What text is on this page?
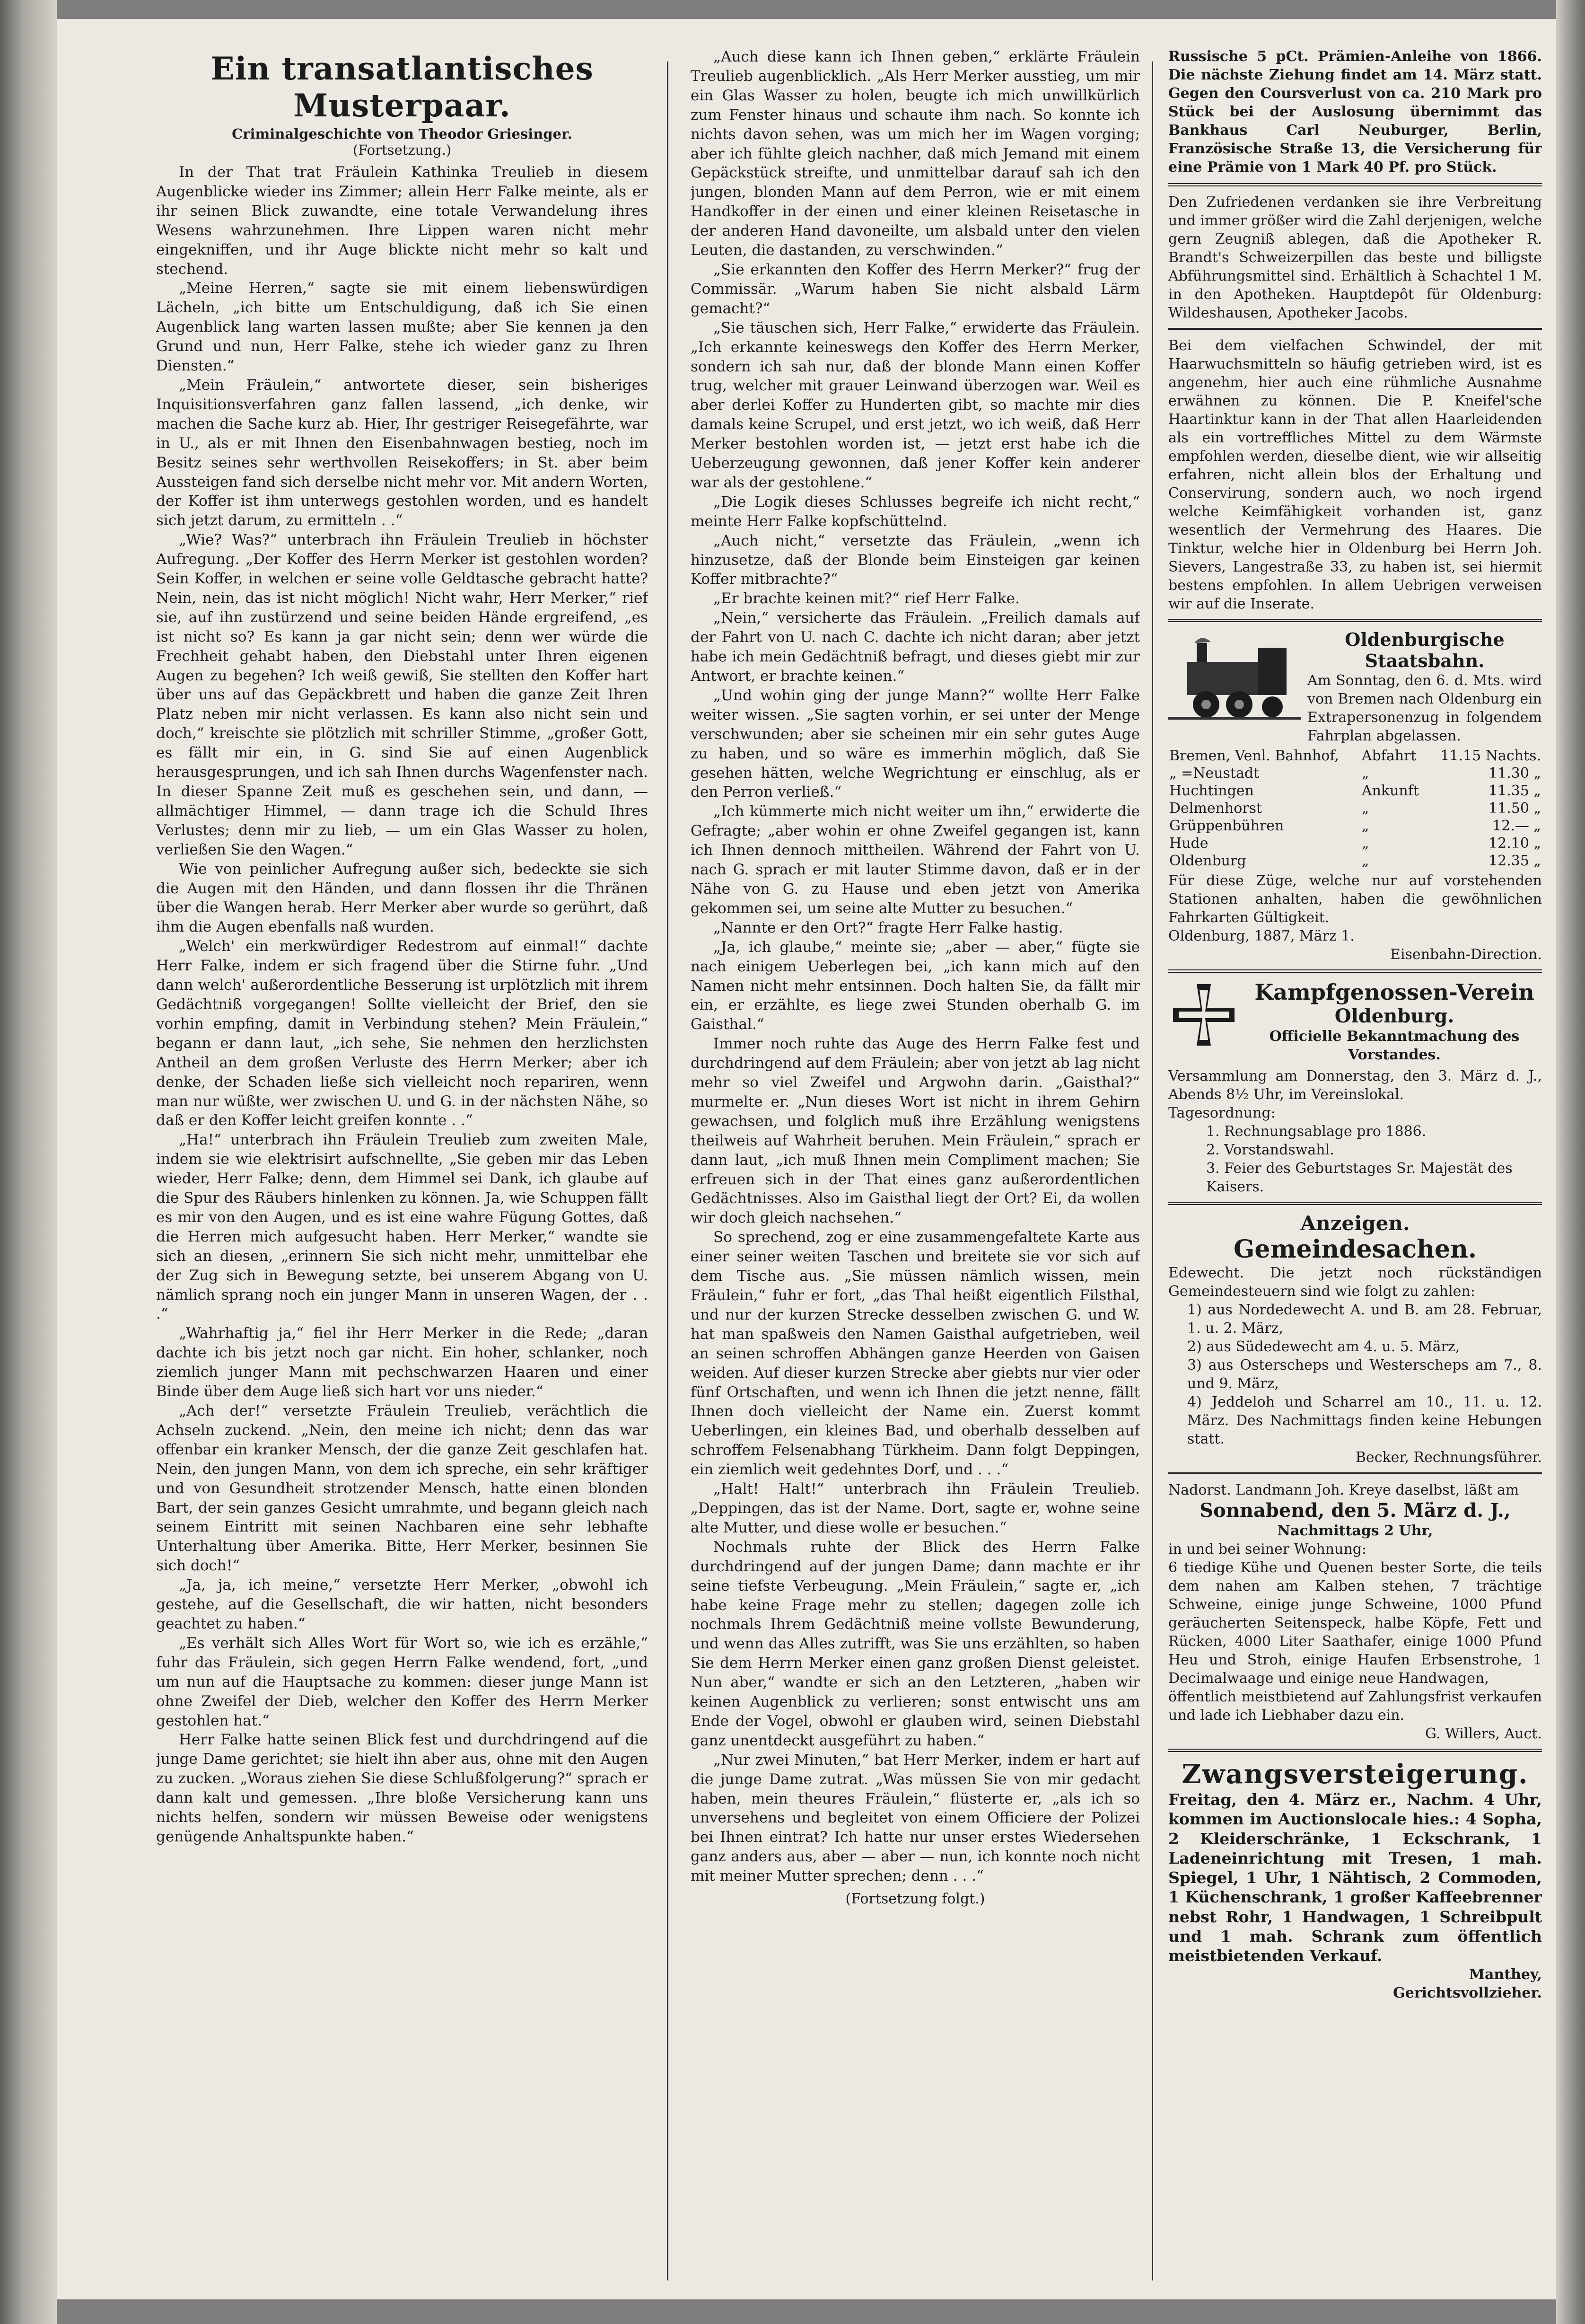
Ein transatlantisches Musterpaar.
Criminalgeschichte von Theodor Griesinger.
(Fortsetzung.)

In der That trat Fräulein Kathinka Treulieb in diesem Augenblicke wieder ins Zimmer; allein Herr Falke meinte, als er ihr seinen Blick zuwandte, eine totale Verwandelung ihres Wesens wahrzunehmen. Ihre Lippen waren nicht mehr eingekniffen, und ihr Auge blickte nicht mehr so kalt und stechend.

„Meine Herren,“ sagte sie mit einem liebenswürdigen Lächeln, „ich bitte um Entschuldigung, daß ich Sie einen Augenblick lang warten lassen mußte; aber Sie kennen ja den Grund und nun, Herr Falke, stehe ich wieder ganz zu Ihren Diensten.“

„Mein Fräulein,“ antwortete dieser, sein bisheriges Inquisitionsverfahren ganz fallen lassend, „ich denke, wir machen die Sache kurz ab. Hier, Ihr gestriger Reisegefährte, war in U., als er mit Ihnen den Eisenbahnwagen bestieg, noch im Besitz seines sehr werthvollen Reisekoffers; in St. aber beim Aussteigen fand sich derselbe nicht mehr vor. Mit andern Worten, der Koffer ist ihm unterwegs gestohlen worden, und es handelt sich jetzt darum, zu ermitteln . .“

„Wie? Was?“ unterbrach ihn Fräulein Treulieb in höchster Aufregung. „Der Koffer des Herrn Merker ist gestohlen worden? Sein Koffer, in welchen er seine volle Geldtasche gebracht hatte? Nein, nein, das ist nicht möglich! Nicht wahr, Herr Merker,“ rief sie, auf ihn zustürzend und seine beiden Hände ergreifend, „es ist nicht so? Es kann ja gar nicht sein; denn wer würde die Frechheit gehabt haben, den Diebstahl unter Ihren eigenen Augen zu begehen? Ich weiß gewiß, Sie stellten den Koffer hart über uns auf das Gepäckbrett und haben die ganze Zeit Ihren Platz neben mir nicht verlassen. Es kann also nicht sein und doch,“ kreischte sie plötzlich mit schriller Stimme, „großer Gott, es fällt mir ein, in G. sind Sie auf einen Augenblick herausgesprungen, und ich sah Ihnen durchs Wagenfenster nach. In dieser Spanne Zeit muß es geschehen sein, und dann, — allmächtiger Himmel, — dann trage ich die Schuld Ihres Verlustes; denn mir zu lieb, — um ein Glas Wasser zu holen, verließen Sie den Wagen.“

Wie von peinlicher Aufregung außer sich, bedeckte sie sich die Augen mit den Händen, und dann flossen ihr die Thränen über die Wangen herab. Herr Merker aber wurde so gerührt, daß ihm die Augen ebenfalls naß wurden.

„Welch' ein merkwürdiger Redestrom auf einmal!“ dachte Herr Falke, indem er sich fragend über die Stirne fuhr. „Und dann welch' außerordentliche Besserung ist urplötzlich mit ihrem Gedächtniß vorgegangen! Sollte vielleicht der Brief, den sie vorhin empfing, damit in Verbindung stehen? Mein Fräulein,“ begann er dann laut, „ich sehe, Sie nehmen den herzlichsten Antheil an dem großen Verluste des Herrn Merker; aber ich denke, der Schaden ließe sich vielleicht noch repariren, wenn man nur wüßte, wer zwischen U. und G. in der nächsten Nähe, so daß er den Koffer leicht greifen konnte . .“

„Ha!“ unterbrach ihn Fräulein Treulieb zum zweiten Male, indem sie wie elektrisirt aufschnellte, „Sie geben mir das Leben wieder, Herr Falke; denn, dem Himmel sei Dank, ich glaube auf die Spur des Räubers hinlenken zu können. Ja, wie Schuppen fällt es mir von den Augen, und es ist eine wahre Fügung Gottes, daß die Herren mich aufgesucht haben. Herr Merker,“ wandte sie sich an diesen, „erinnern Sie sich nicht mehr, unmittelbar ehe der Zug sich in Bewegung setzte, bei unserem Abgang von U. nämlich sprang noch ein junger Mann in unseren Wagen, der . . .“

„Wahrhaftig ja,“ fiel ihr Herr Merker in die Rede; „daran dachte ich bis jetzt noch gar nicht. Ein hoher, schlanker, noch ziemlich junger Mann mit pechschwarzen Haaren und einer Binde über dem Auge ließ sich hart vor uns nieder.“

„Ach der!“ versetzte Fräulein Treulieb, verächtlich die Achseln zuckend. „Nein, den meine ich nicht; denn das war offenbar ein kranker Mensch, der die ganze Zeit geschlafen hat. Nein, den jungen Mann, von dem ich spreche, ein sehr kräftiger und von Gesundheit strotzender Mensch, hatte einen blonden Bart, der sein ganzes Gesicht umrahmte, und begann gleich nach seinem Eintritt mit seinen Nachbaren eine sehr lebhafte Unterhaltung über Amerika. Bitte, Herr Merker, besinnen Sie sich doch!“

„Ja, ja, ich meine,“ versetzte Herr Merker, „obwohl ich gestehe, auf die Gesellschaft, die wir hatten, nicht besonders geachtet zu haben.“

„Es verhält sich Alles Wort für Wort so, wie ich es erzähle,“ fuhr das Fräulein, sich gegen Herrn Falke wendend, fort, „und um nun auf die Hauptsache zu kommen: dieser junge Mann ist ohne Zweifel der Dieb, welcher den Koffer des Herrn Merker gestohlen hat.“

Herr Falke hatte seinen Blick fest und durchdringend auf die junge Dame gerichtet; sie hielt ihn aber aus, ohne mit den Augen zu zucken. „Woraus ziehen Sie diese Schlußfolgerung?“ sprach er dann kalt und gemessen. „Ihre bloße Versicherung kann uns nichts helfen, sondern wir müssen Beweise oder wenigstens genügende Anhaltspunkte haben.“

„Auch diese kann ich Ihnen geben,“ erklärte Fräulein Treulieb augenblicklich. „Als Herr Merker ausstieg, um mir ein Glas Wasser zu holen, beugte ich mich unwillkürlich zum Fenster hinaus und schaute ihm nach. So konnte ich nichts davon sehen, was um mich her im Wagen vorging; aber ich fühlte gleich nachher, daß mich Jemand mit einem Gepäckstück streifte, und unmittelbar darauf sah ich den jungen, blonden Mann auf dem Perron, wie er mit einem Handkoffer in der einen und einer kleinen Reisetasche in der anderen Hand davoneilte, um alsbald unter den vielen Leuten, die dastanden, zu verschwinden.“

„Sie erkannten den Koffer des Herrn Merker?“ frug der Commissär. „Warum haben Sie nicht alsbald Lärm gemacht?“

„Sie täuschen sich, Herr Falke,“ erwiderte das Fräulein. „Ich erkannte keineswegs den Koffer des Herrn Merker, sondern ich sah nur, daß der blonde Mann einen Koffer trug, welcher mit grauer Leinwand überzogen war. Weil es aber derlei Koffer zu Hunderten gibt, so machte mir dies damals keine Scrupel, und erst jetzt, wo ich weiß, daß Herr Merker bestohlen worden ist, — jetzt erst habe ich die Ueberzeugung gewonnen, daß jener Koffer kein anderer war als der gestohlene.“

„Die Logik dieses Schlusses begreife ich nicht recht,“ meinte Herr Falke kopfschüttelnd.

„Auch nicht,“ versetzte das Fräulein, „wenn ich hinzusetze, daß der Blonde beim Einsteigen gar keinen Koffer mitbrachte?“

„Er brachte keinen mit?“ rief Herr Falke.

„Nein,“ versicherte das Fräulein. „Freilich damals auf der Fahrt von U. nach C. dachte ich nicht daran; aber jetzt habe ich mein Gedächtniß befragt, und dieses giebt mir zur Antwort, er brachte keinen.“

„Und wohin ging der junge Mann?“ wollte Herr Falke weiter wissen. „Sie sagten vorhin, er sei unter der Menge verschwunden; aber sie scheinen mir ein sehr gutes Auge zu haben, und so wäre es immerhin möglich, daß Sie gesehen hätten, welche Wegrichtung er einschlug, als er den Perron verließ.“

„Ich kümmerte mich nicht weiter um ihn,“ erwiderte die Gefragte; „aber wohin er ohne Zweifel gegangen ist, kann ich Ihnen dennoch mittheilen. Während der Fahrt von U. nach G. sprach er mit lauter Stimme davon, daß er in der Nähe von G. zu Hause und eben jetzt von Amerika gekommen sei, um seine alte Mutter zu besuchen.“

„Nannte er den Ort?“ fragte Herr Falke hastig.

„Ja, ich glaube,“ meinte sie; „aber — aber,“ fügte sie nach einigem Ueberlegen bei, „ich kann mich auf den Namen nicht mehr entsinnen. Doch halten Sie, da fällt mir ein, er erzählte, es liege zwei Stunden oberhalb G. im Gaisthal.“

Immer noch ruhte das Auge des Herrn Falke fest und durchdringend auf dem Fräulein; aber von jetzt ab lag nicht mehr so viel Zweifel und Argwohn darin. „Gaisthal?“ murmelte er. „Nun dieses Wort ist nicht in ihrem Gehirn gewachsen, und folglich muß ihre Erzählung wenigstens theilweis auf Wahrheit beruhen. Mein Fräulein,“ sprach er dann laut, „ich muß Ihnen mein Compliment machen; Sie erfreuen sich in der That eines ganz außerordentlichen Gedächtnisses. Also im Gaisthal liegt der Ort? Ei, da wollen wir doch gleich nachsehen.“

So sprechend, zog er eine zusammengefaltete Karte aus einer seiner weiten Taschen und breitete sie vor sich auf dem Tische aus. „Sie müssen nämlich wissen, mein Fräulein,“ fuhr er fort, „das Thal heißt eigentlich Filsthal, und nur der kurzen Strecke desselben zwischen G. und W. hat man spaßweis den Namen Gaisthal aufgetrieben, weil an seinen schroffen Abhängen ganze Heerden von Gaisen weiden. Auf dieser kurzen Strecke aber giebts nur vier oder fünf Ortschaften, und wenn ich Ihnen die jetzt nenne, fällt Ihnen doch vielleicht der Name ein. Zuerst kommt Ueberlingen, ein kleines Bad, und oberhalb desselben auf schroffem Felsenabhang Türkheim. Dann folgt Deppingen, ein ziemlich weit gedehntes Dorf, und . . .“

„Halt! Halt!“ unterbrach ihn Fräulein Treulieb. „Deppingen, das ist der Name. Dort, sagte er, wohne seine alte Mutter, und diese wolle er besuchen.“

Nochmals ruhte der Blick des Herrn Falke durchdringend auf der jungen Dame; dann machte er ihr seine tiefste Verbeugung. „Mein Fräulein,“ sagte er, „ich habe keine Frage mehr zu stellen; dagegen zolle ich nochmals Ihrem Gedächtniß meine vollste Bewunderung, und wenn das Alles zutrifft, was Sie uns erzählten, so haben Sie dem Herrn Merker einen ganz großen Dienst geleistet. Nun aber,“ wandte er sich an den Letzteren, „haben wir keinen Augenblick zu verlieren; sonst entwischt uns am Ende der Vogel, obwohl er glauben wird, seinen Diebstahl ganz unentdeckt ausgeführt zu haben.“

„Nur zwei Minuten,“ bat Herr Merker, indem er hart auf die junge Dame zutrat. „Was müssen Sie von mir gedacht haben, mein theures Fräulein,“ flüsterte er, „als ich so unversehens und begleitet von einem Officiere der Polizei bei Ihnen eintrat? Ich hatte nur unser erstes Wiedersehen ganz anders aus, aber — aber — nun, ich konnte noch nicht mit meiner Mutter sprechen; denn . . .“

(Fortsetzung folgt.)
Russische 5 pCt. Prämien-Anleihe von 1866. Die nächste Ziehung findet am 14. März statt. Gegen den Coursverlust von ca. 210 Mark pro Stück bei der Auslosung übernimmt das Bankhaus Carl Neuburger, Berlin, Französische Straße 13, die Versicherung für eine Prämie von 1 Mark 40 Pf. pro Stück.
Den Zufriedenen verdanken sie ihre Verbreitung und immer größer wird die Zahl derjenigen, welche gern Zeugniß ablegen, daß die Apotheker R. Brandt's Schweizerpillen das beste und billigste Abführungsmittel sind. Erhältlich à Schachtel 1 M. in den Apotheken. Hauptdepôt für Oldenburg: Wildeshausen, Apotheker Jacobs.
Bei dem vielfachen Schwindel, der mit Haarwuchsmitteln so häufig getrieben wird, ist es angenehm, hier auch eine rühmliche Ausnahme erwähnen zu können. Die P. Kneifel'sche Haartinktur kann in der That allen Haarleidenden als ein vortreffliches Mittel zu dem Wärmste empfohlen werden, dieselbe dient, wie wir allseitig erfahren, nicht allein blos der Erhaltung und Conservirung, sondern auch, wo noch irgend welche Keimfähigkeit vorhanden ist, ganz wesentlich der Vermehrung des Haares. Die Tinktur, welche hier in Oldenburg bei Herrn Joh. Sievers, Langestraße 33, zu haben ist, sei hiermit bestens empfohlen. In allem Uebrigen verweisen wir auf die Inserate.
Oldenburgische Staatsbahn.
Am Sonntag, den 6. d. Mts. wird von Bremen nach Oldenburg ein Extrapersonenzug in folgendem Fahrplan abgelassen.
Bremen, Venl. Bahnhof,	Abfahrt	11.15 Nachts.
„ =Neustadt	„	11.30 „
Huchtingen	Ankunft	11.35 „
Delmenhorst	„	11.50 „
Grüppenbühren	„	12.— „
Hude	„	12.10 „
Oldenburg	„	12.35 „
Für diese Züge, welche nur auf vorstehenden Stationen anhalten, haben die gewöhnlichen Fahrkarten Gültigkeit.
Oldenburg, 1887, März 1.
Eisenbahn-Direction.
Kampfgenossen-Verein
Oldenburg.
Officielle Bekanntmachung des Vorstandes.
Versammlung am Donnerstag, den 3. März d. J., Abends 8½ Uhr, im Vereinslokal.
Tagesordnung:
1. Rechnungsablage pro 1886.
2. Vorstandswahl.
3. Feier des Geburtstages Sr. Majestät des Kaisers.
Anzeigen.
Gemeindesachen.
Edewecht. Die jetzt noch rückständigen Gemeindesteuern sind wie folgt zu zahlen:
1) aus Nordedewecht A. und B. am 28. Februar, 1. u. 2. März,
2) aus Südedewecht am 4. u. 5. März,
3) aus Osterscheps und Westerscheps am 7., 8. und 9. März,
4) Jeddeloh und Scharrel am 10., 11. u. 12. März. Des Nachmittags finden keine Hebungen statt.
Becker, Rechnungsführer.
Nadorst. Landmann Joh. Kreye daselbst, läßt am
Sonnabend, den 5. März d. J.,
Nachmittags 2 Uhr,
in und bei seiner Wohnung:
6 tiedige Kühe und Quenen bester Sorte, die teils dem nahen am Kalben stehen, 7 trächtige Schweine, einige junge Schweine, 1000 Pfund geräucherten Seitenspeck, halbe Köpfe, Fett und Rücken, 4000 Liter Saathafer, einige 1000 Pfund Heu und Stroh, einige Haufen Erbsenstrohe, 1 Decimalwaage und einige neue Handwagen,
öffentlich meistbietend auf Zahlungsfrist verkaufen und lade ich Liebhaber dazu ein.
G. Willers, Auct.
Zwangsversteigerung.
Freitag, den 4. März er., Nachm. 4 Uhr, kommen im Auctionslocale hies.: 4 Sopha, 2 Kleiderschränke, 1 Eckschrank, 1 Ladeneinrichtung mit Tresen, 1 mah. Spiegel, 1 Uhr, 1 Nähtisch, 2 Commoden, 1 Küchenschrank, 1 großer Kaffeebrenner nebst Rohr, 1 Handwagen, 1 Schreibpult und 1 mah. Schrank zum öffentlich meistbietenden Verkauf.
Manthey,
Gerichtsvollzieher.
